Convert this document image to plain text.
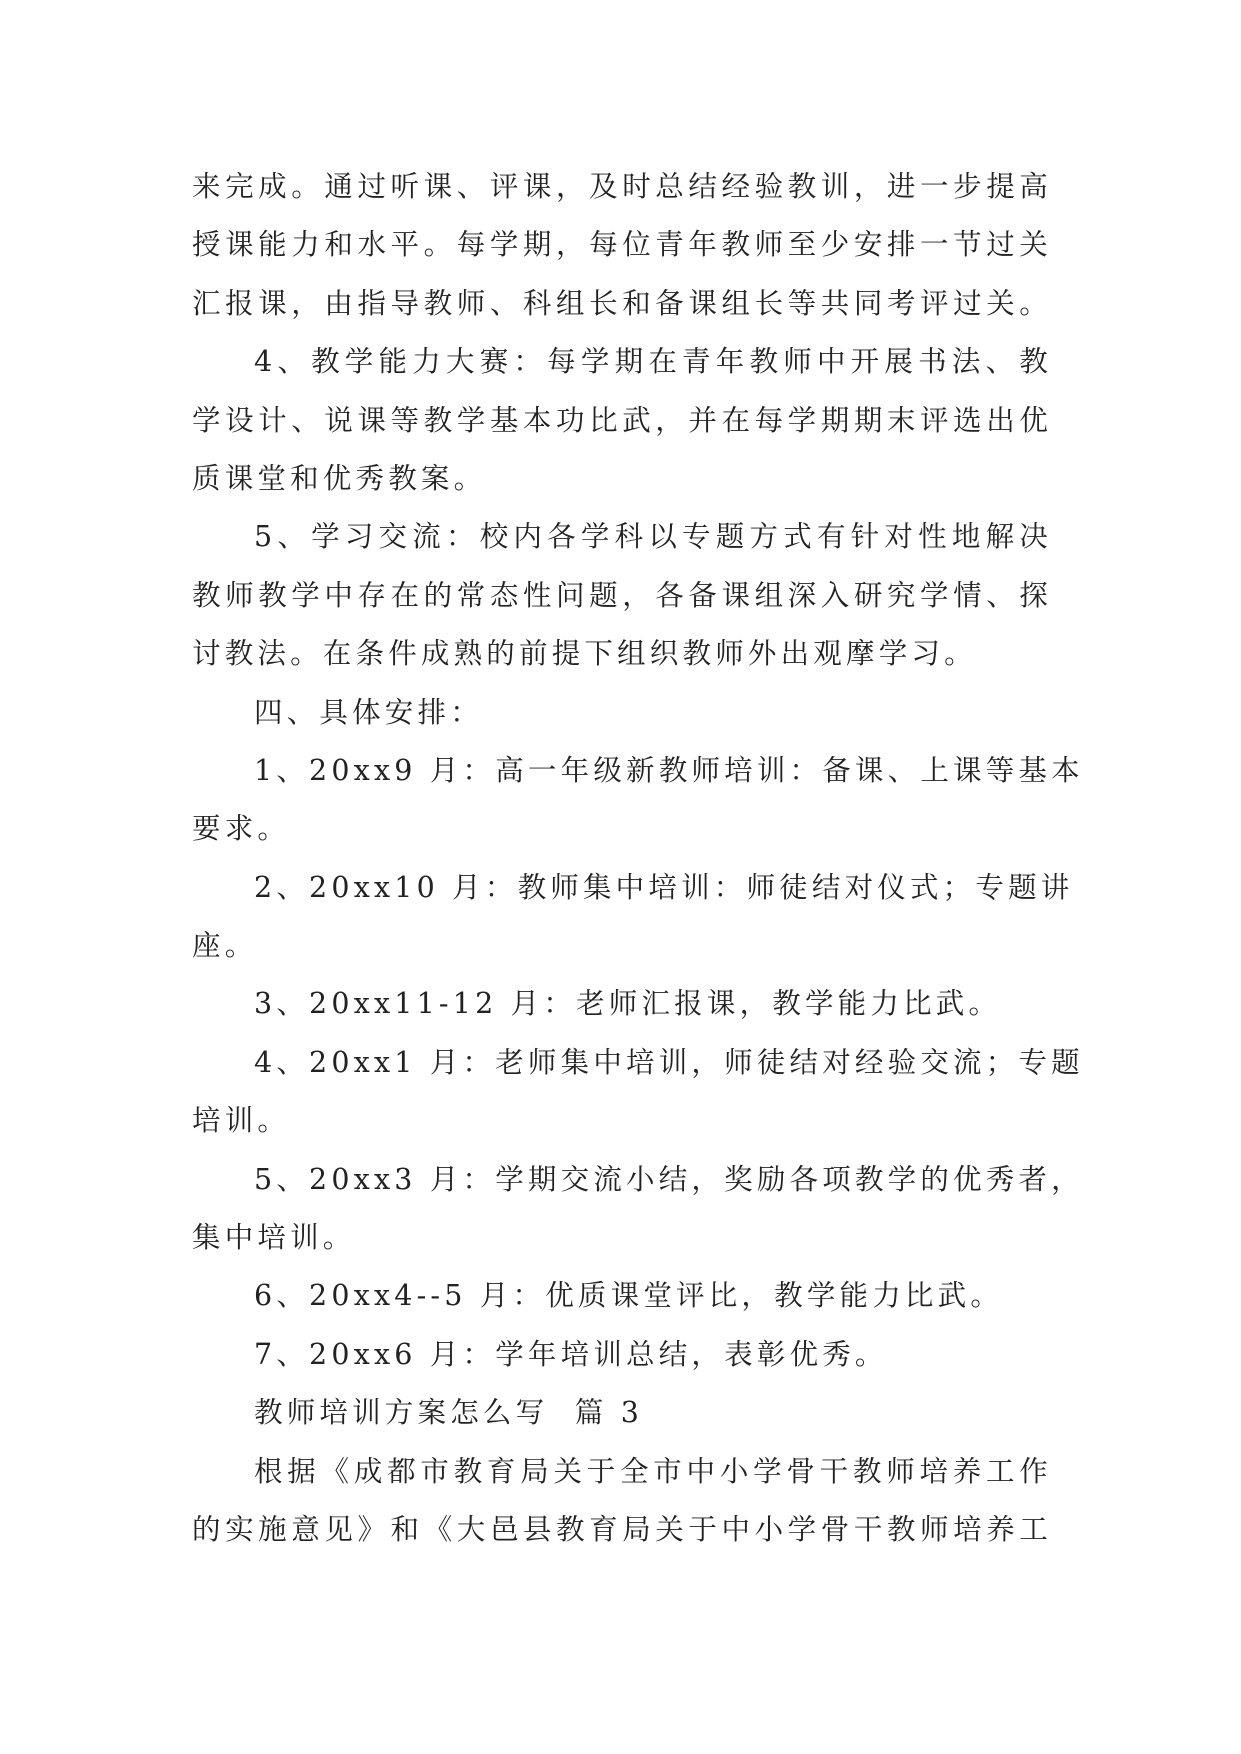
来完成。通过听课、评课，及时总结经验教训，进一步提高
授课能力和水平。每学期，每位青年教师至少安排一节过关
汇报课，由指导教师、科组长和备课组长等共同考评过关。
4、教学能力大赛：每学期在青年教师中开展书法、教
学设计、说课等教学基本功比武，并在每学期期末评选出优
质课堂和优秀教案。
5、学习交流：校内各学科以专题方式有针对性地解决
教师教学中存在的常态性问题，各备课组深入研究学情、探
讨教法。在条件成熟的前提下组织教师外出观摩学习。
四、具体安排：
1、20xx9 月：高一年级新教师培训：备课、上课等基本
要求。
2、20xx10 月：教师集中培训：师徒结对仪式；专题讲
座。
3、20xx11-12 月：老师汇报课，教学能力比武。
4、20xx1 月：老师集中培训，师徒结对经验交流；专题
培训。
5、20xx3 月：学期交流小结，奖励各项教学的优秀者，
集中培训。
6、20xx4--5 月：优质课堂评比，教学能力比武。
7、20xx6 月：学年培训总结，表彰优秀。
教师培训方案怎么写  篇 3
根据《成都市教育局关于全市中小学骨干教师培养工作
的实施意见》和《大邑县教育局关于中小学骨干教师培养工
